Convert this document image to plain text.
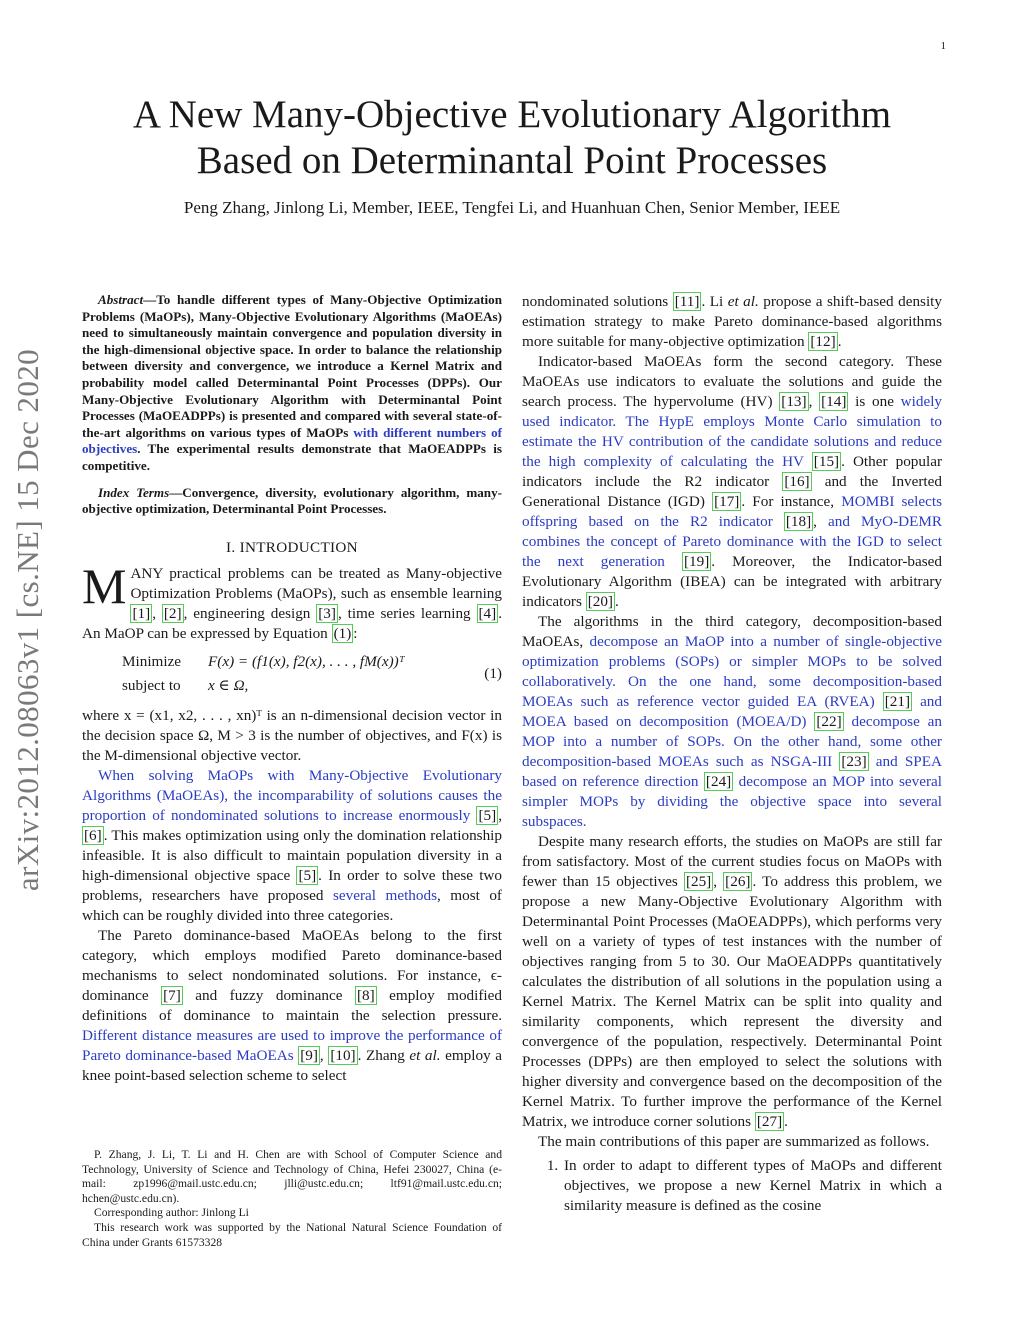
1
arXiv:2012.08063v1 [cs.NE] 15 Dec 2020
A New Many-Objective Evolutionary Algorithm Based on Determinantal Point Processes
Peng Zhang, Jinlong Li, Member, IEEE, Tengfei Li, and Huanhuan Chen, Senior Member, IEEE

Abstract—To handle different types of Many-Objective Optimization Problems (MaOPs), Many-Objective Evolutionary Algorithms (MaOEAs) need to simultaneously maintain convergence and population diversity in the high-dimensional objective space. In order to balance the relationship between diversity and convergence, we introduce a Kernel Matrix and probability model called Determinantal Point Processes (DPPs). Our Many-Objective Evolutionary Algorithm with Determinantal Point Processes (MaOEADPPs) is presented and compared with several state-of-the-art algorithms on various types of MaOPs with different numbers of objectives. The experimental results demonstrate that MaOEADPPs is competitive.

Index Terms—Convergence, diversity, evolutionary algorithm, many-objective optimization, Determinantal Point Processes.

I. INTRODUCTION

MANY practical problems can be treated as Many-objective Optimization Problems (MaOPs), such as ensemble learning [1] , [2] , engineering design [3] , time series learning [4] . An MaOP can be expressed by Equation (1) :

Minimize F(x) = (f1(x), f2(x), . . . , fM(x))ᵀ
subject to x ∈ Ω,
(1)

where x = (x1, x2, . . . , xn)ᵀ is an n-dimensional decision vector in the decision space Ω, M > 3 is the number of objectives, and F(x) is the M-dimensional objective vector.

When solving MaOPs with Many-Objective Evolutionary Algorithms (MaOEAs), the incomparability of solutions causes the proportion of nondominated solutions to increase enormously [5] , [6] . This makes optimization using only the domination relationship infeasible. It is also difficult to maintain population diversity in a high-dimensional objective space [5] . In order to solve these two problems, researchers have proposed several methods, most of which can be roughly divided into three categories.

The Pareto dominance-based MaOEAs belong to the first category, which employs modified Pareto dominance-based mechanisms to select nondominated solutions. For instance, ϵ-dominance [7] and fuzzy dominance [8] employ modified definitions of dominance to maintain the selection pressure. Different distance measures are used to improve the performance of Pareto dominance-based MaOEAs [9] , [10] . Zhang et al. employ a knee point-based selection scheme to select

P. Zhang, J. Li, T. Li and H. Chen are with School of Computer Science and Technology, University of Science and Technology of China, Hefei 230027, China (e-mail: zp1996@mail.ustc.edu.cn; jlli@ustc.edu.cn; ltf91@mail.ustc.edu.cn; hchen@ustc.edu.cn).

Corresponding author: Jinlong Li

This research work was supported by the National Natural Science Foundation of China under Grants 61573328

nondominated solutions [11] . Li et al. propose a shift-based density estimation strategy to make Pareto dominance-based algorithms more suitable for many-objective optimization [12] .

Indicator-based MaOEAs form the second category. These MaOEAs use indicators to evaluate the solutions and guide the search process. The hypervolume (HV) [13] , [14] is one widely used indicator. The HypE employs Monte Carlo simulation to estimate the HV contribution of the candidate solutions and reduce the high complexity of calculating the HV [15] . Other popular indicators include the R2 indicator [16] and the Inverted Generational Distance (IGD) [17] . For instance, MOMBI selects offspring based on the R2 indicator [18] , and MyO-DEMR combines the concept of Pareto dominance with the IGD to select the next generation [19] . Moreover, the Indicator-based Evolutionary Algorithm (IBEA) can be integrated with arbitrary indicators [20] .

The algorithms in the third category, decomposition-based MaOEAs, decompose an MaOP into a number of single-objective optimization problems (SOPs) or simpler MOPs to be solved collaboratively. On the one hand, some decomposition-based MOEAs such as reference vector guided EA (RVEA) [21] and MOEA based on decomposition (MOEA/D) [22] decompose an MOP into a number of SOPs. On the other hand, some other decomposition-based MOEAs such as NSGA-III [23] and SPEA based on reference direction [24] decompose an MOP into several simpler MOPs by dividing the objective space into several subspaces.

Despite many research efforts, the studies on MaOPs are still far from satisfactory. Most of the current studies focus on MaOPs with fewer than 15 objectives [25] , [26] . To address this problem, we propose a new Many-Objective Evolutionary Algorithm with Determinantal Point Processes (MaOEADPPs), which performs very well on a variety of types of test instances with the number of objectives ranging from 5 to 30. Our MaOEADPPs quantitatively calculates the distribution of all solutions in the population using a Kernel Matrix. The Kernel Matrix can be split into quality and similarity components, which represent the diversity and convergence of the population, respectively. Determinantal Point Processes (DPPs) are then employed to select the solutions with higher diversity and convergence based on the decomposition of the Kernel Matrix. To further improve the performance of the Kernel Matrix, we introduce corner solutions [27] .

The main contributions of this paper are summarized as follows.

1. In order to adapt to different types of MaOPs and different objectives, we propose a new Kernel Matrix in which a similarity measure is defined as the cosine
